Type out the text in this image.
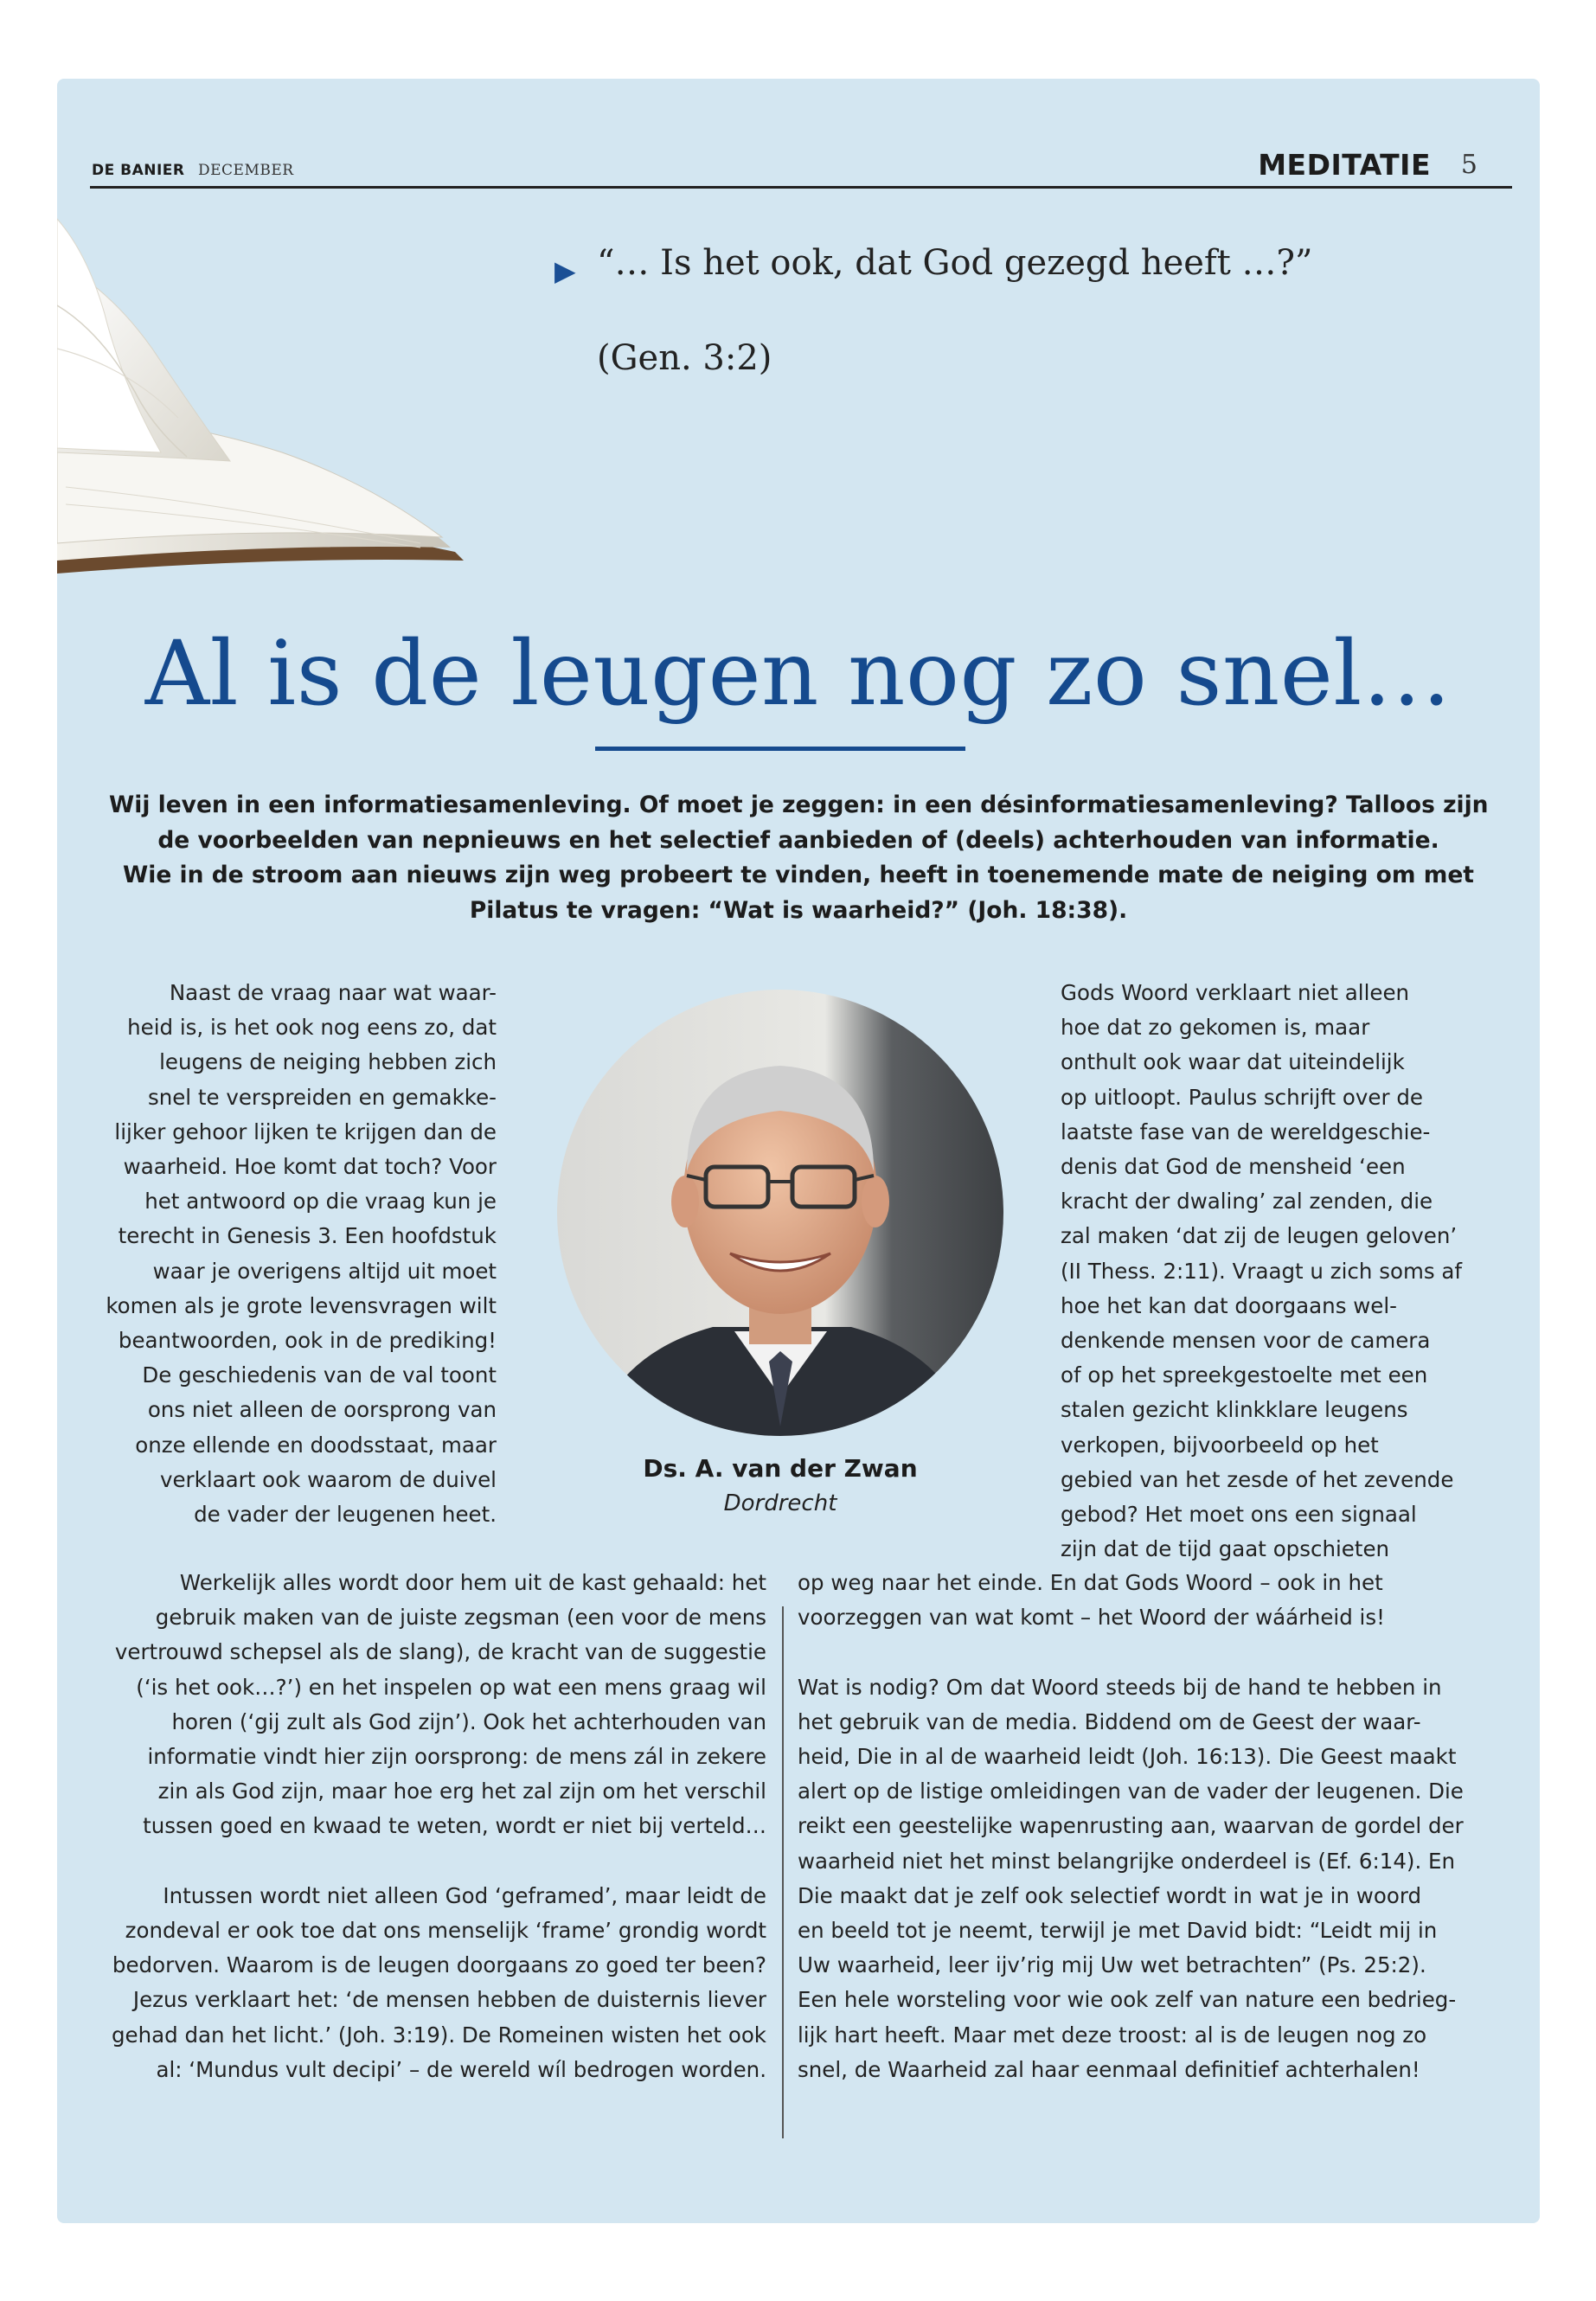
DE BANIER DECEMBER	MEDITATIE 5
▶ “… Is het ook, dat God gezegd heeft …?”
(Gen. 3:2)
Al is de leugen nog zo snel…
Wij leven in een informatiesamenleving. Of moet je zeggen: in een désinformatiesamenleving? Talloos zijn
de voorbeelden van nepnieuws en het selectief aanbieden of (deels) achterhouden van informatie.
Wie in de stroom aan nieuws zijn weg probeert te vinden, heeft in toenemende mate de neiging om met
Pilatus te vragen: “Wat is waarheid?” (Joh. 18:38).
Naast de vraag naar wat waar-
heid is, is het ook nog eens zo, dat
leugens de neiging hebben zich
snel te verspreiden en gemakke-
lijker gehoor lijken te krijgen dan de
waarheid. Hoe komt dat toch? Voor
het antwoord op die vraag kun je
terecht in Genesis 3. Een hoofdstuk
waar je overigens altijd uit moet
komen als je grote levensvragen wilt
beantwoorden, ook in de prediking!
De geschiedenis van de val toont
ons niet alleen de oorsprong van
onze ellende en doodsstaat, maar
verklaart ook waarom de duivel
de vader der leugenen heet.
Ds. A. van der Zwan
Dordrecht
Gods Woord verklaart niet alleen
hoe dat zo gekomen is, maar
onthult ook waar dat uiteindelijk
op uitloopt. Paulus schrijft over de
laatste fase van de wereldgeschie-
denis dat God de mensheid ‘een
kracht der dwaling’ zal zenden, die
zal maken ‘dat zij de leugen geloven’
(II Thess. 2:11). Vraagt u zich soms af
hoe het kan dat doorgaans wel-
denkende mensen voor de camera
of op het spreekgestoelte met een
stalen gezicht klinkklare leugens
verkopen, bijvoorbeeld op het
gebied van het zesde of het zevende
gebod? Het moet ons een signaal
zijn dat de tijd gaat opschieten
Werkelijk alles wordt door hem uit de kast gehaald: het
gebruik maken van de juiste zegsman (een voor de mens
vertrouwd schepsel als de slang), de kracht van de suggestie
(‘is het ook…?’) en het inspelen op wat een mens graag wil
horen (‘gij zult als God zijn’). Ook het achterhouden van
informatie vindt hier zijn oorsprong: de mens zál in zekere
zin als God zijn, maar hoe erg het zal zijn om het verschil
tussen goed en kwaad te weten, wordt er niet bij verteld…
Intussen wordt niet alleen God ‘geframed’, maar leidt de
zondeval er ook toe dat ons menselijk ‘frame’ grondig wordt
bedorven. Waarom is de leugen doorgaans zo goed ter been?
Jezus verklaart het: ‘de mensen hebben de duisternis liever
gehad dan het licht.’ (Joh. 3:19). De Romeinen wisten het ook
al: ‘Mundus vult decipi’ – de wereld wíl bedrogen worden.
op weg naar het einde. En dat Gods Woord – ook in het
voorzeggen van wat komt – het Woord der wáárheid is!
Wat is nodig? Om dat Woord steeds bij de hand te hebben in
het gebruik van de media. Biddend om de Geest der waar-
heid, Die in al de waarheid leidt (Joh. 16:13). Die Geest maakt
alert op de listige omleidingen van de vader der leugenen. Die
reikt een geestelijke wapenrusting aan, waarvan de gordel der
waarheid niet het minst belangrijke onderdeel is (Ef. 6:14). En
Die maakt dat je zelf ook selectief wordt in wat je in woord
en beeld tot je neemt, terwijl je met David bidt: “Leidt mij in
Uw waarheid, leer ijv’rig mij Uw wet betrachten” (Ps. 25:2).
Een hele worsteling voor wie ook zelf van nature een bedrieg-
lijk hart heeft. Maar met deze troost: al is de leugen nog zo
snel, de Waarheid zal haar eenmaal definitief achterhalen!
